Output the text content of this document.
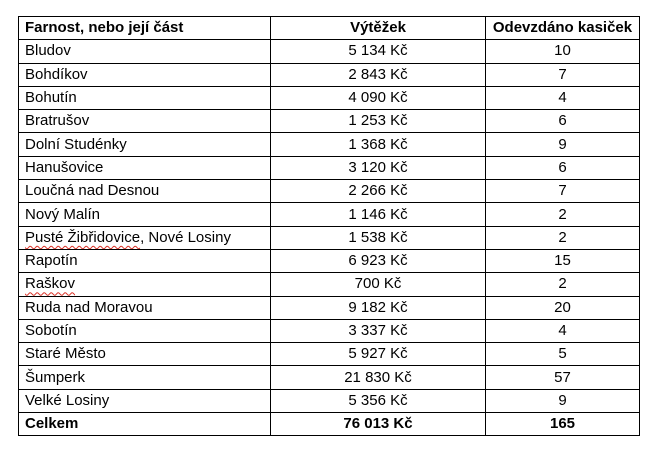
Farnost, nebo její část	Výtěžek	Odevzdáno kasiček
Bludov	5 134 Kč	10
Bohdíkov	2 843 Kč	7
Bohutín	4 090 Kč	4
Bratrušov	1 253 Kč	6
Dolní Studénky	1 368 Kč	9
Hanušovice	3 120 Kč	6
Loučná nad Desnou	2 266 Kč	7
Nový Malín	1 146 Kč	2
Pusté Žibřidovice, Nové Losiny	1 538 Kč	2
Rapotín	6 923 Kč	15
Raškov	700 Kč	2
Ruda nad Moravou	9 182 Kč	20
Sobotín	3 337 Kč	4
Staré Město	5 927 Kč	5
Šumperk	21 830 Kč	57
Velké Losiny	5 356 Kč	9
Celkem	76 013 Kč	165
